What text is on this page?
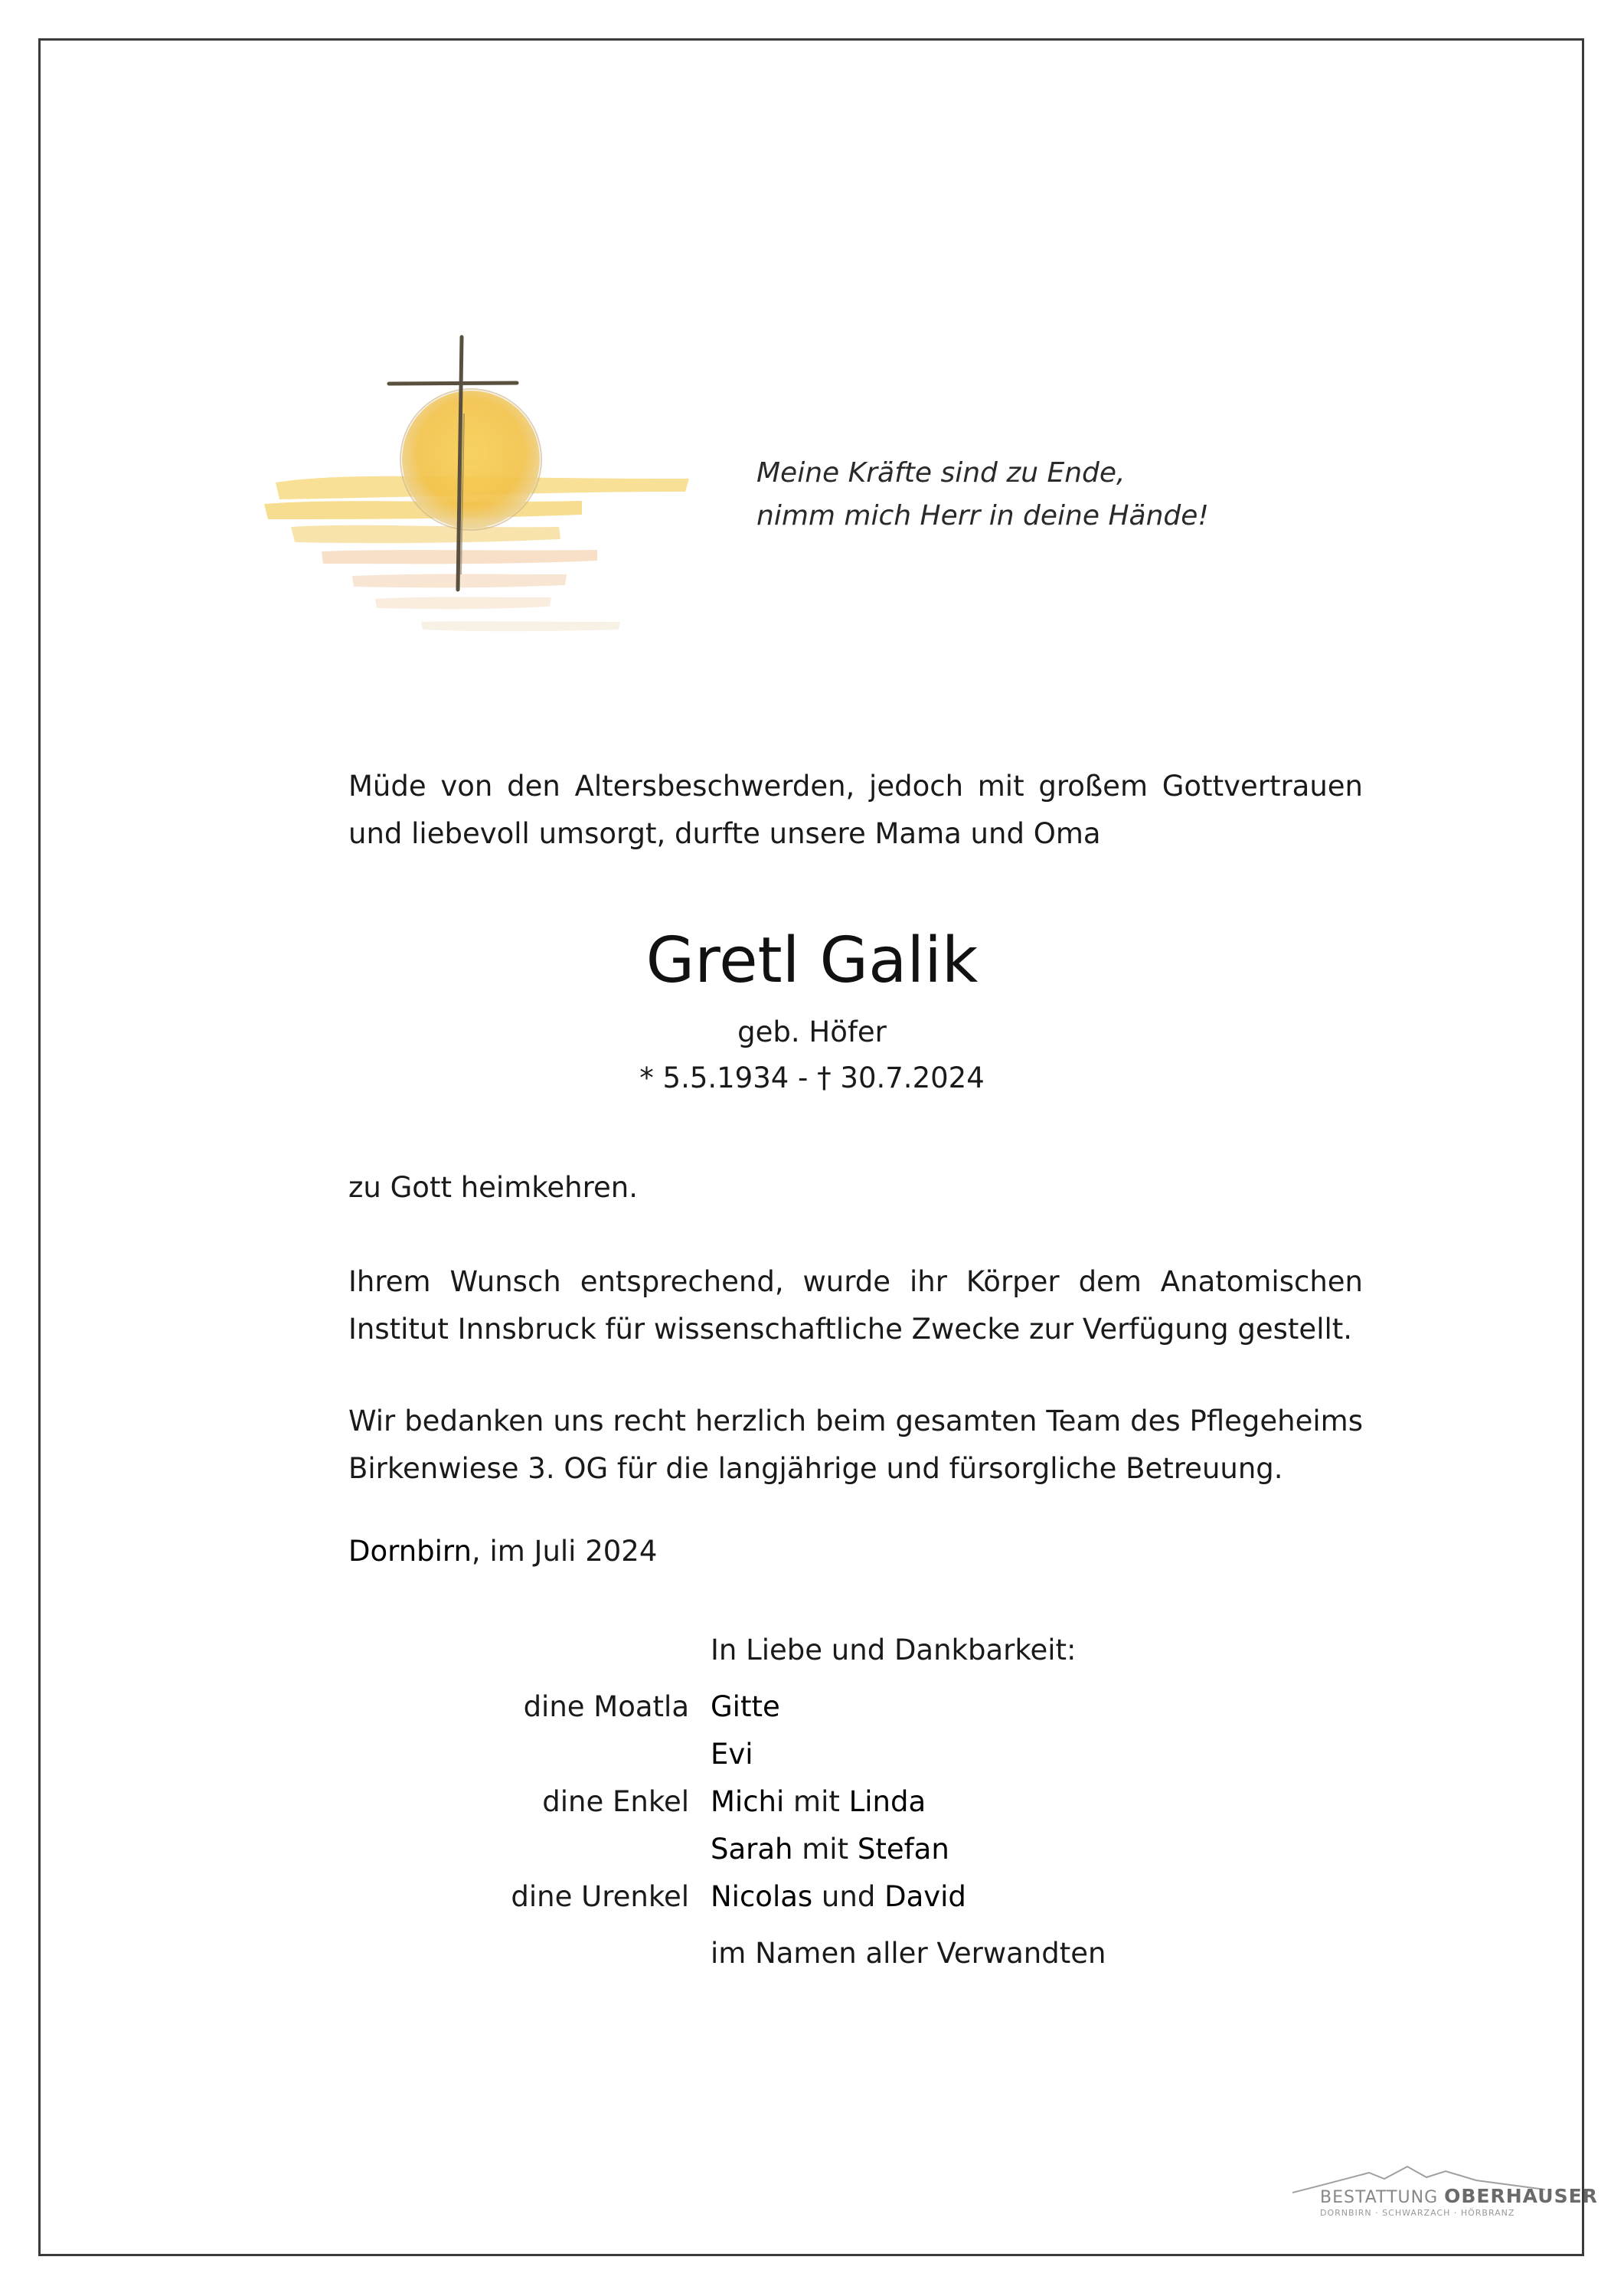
Meine Kräfte sind zu Ende,
nimm mich Herr in deine Hände!
Müde von den Altersbeschwerden, jedoch mit großem Gottvertrauen und liebevoll umsorgt, durfte unsere Mama und Oma
Gretl Galik
geb. Höfer
* 5.5.1934 - † 30.7.2024
zu Gott heimkehren.
Ihrem Wunsch entsprechend, wurde ihr Körper dem Anatomischen Institut Innsbruck für wissenschaftliche Zwecke zur Verfügung gestellt.
Wir bedanken uns recht herzlich beim gesamten Team des Pflegeheims Birkenwiese 3. OG für die langjährige und fürsorgliche Betreuung.
Dornbirn, im Juli 2024
In Liebe und Dankbarkeit:
dine Moatla Gitte
Evi
dine Enkel Michi mit Linda
Sarah mit Stefan
dine Urenkel Nicolas und David
im Namen aller Verwandten
BESTATTUNG OBERHAUSER
DORNBIRN · SCHWARZACH · HÖRBRANZ
